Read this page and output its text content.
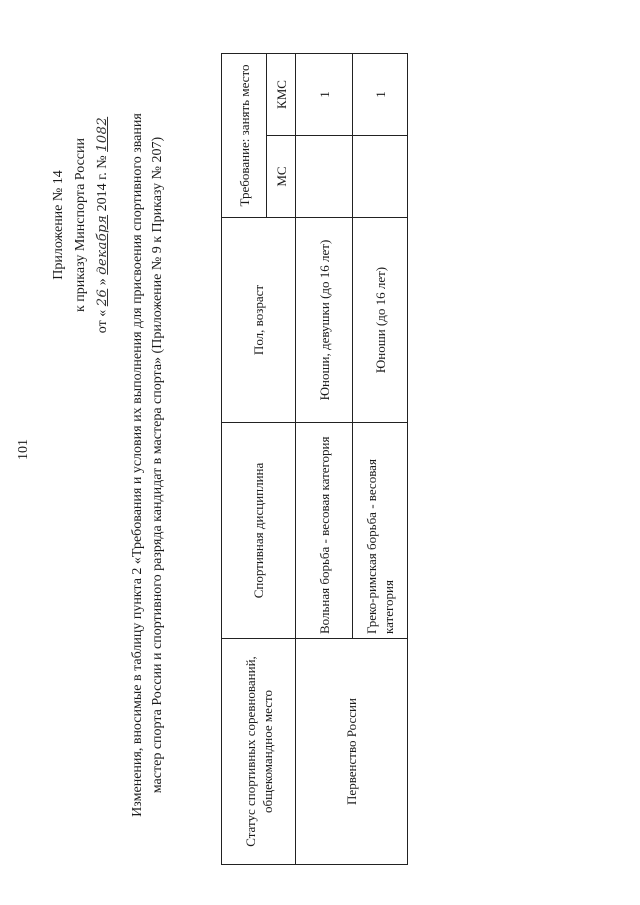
101
Приложение № 14 к приказу Минспорта России
от « 26 » декабря 2014 г. № 1082 Изменения, вносимые в таблицу пункта 2 «Требования и условия их выполнения для присвоения спортивного звания мастер спорта России и спортивного разряда кандидат в мастера спорта» (Приложение № 9 к Приказу № 207)	Статус спортивных соревнований, общекомандное место	Спортивная дисциплина	Пол, возраст	Требование: занять место	
			МС	КМС
Первенство России	Вольная борьба - весовая категория	Юноши, девушки (до 16 лет)		1
	Греко-римская борьба - весовая категория	Юноши (до 16 лет)		1
